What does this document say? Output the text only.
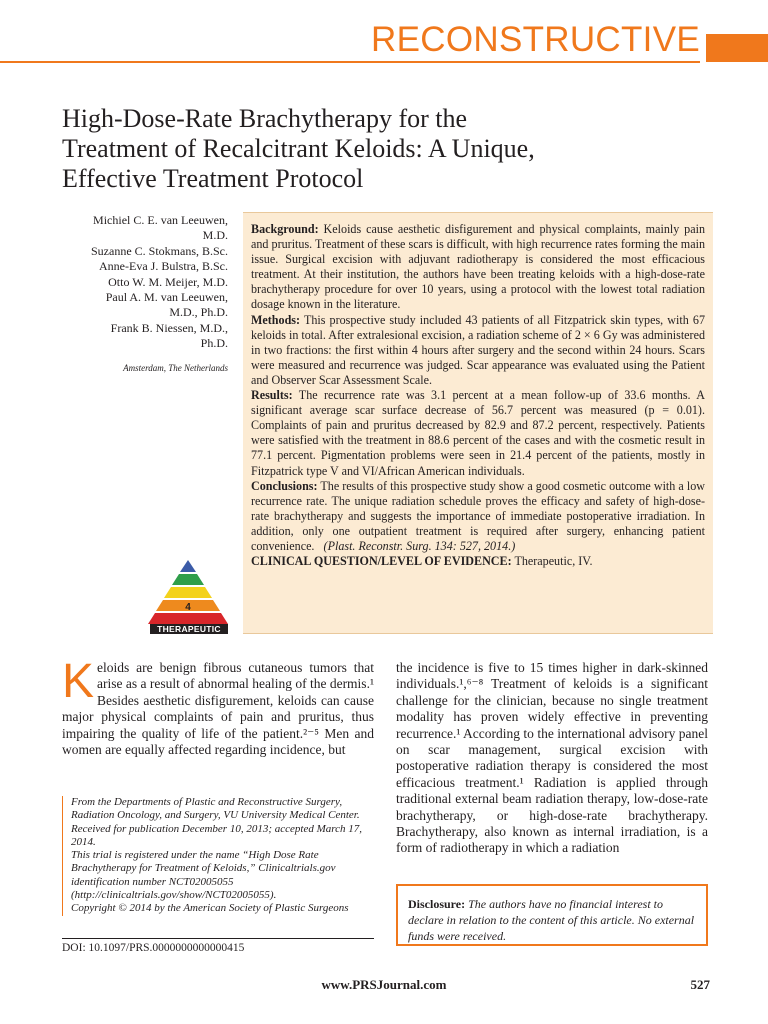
RECONSTRUCTIVE
High-Dose-Rate Brachytherapy for the
Treatment of Recalcitrant Keloids: A Unique,
Effective Treatment Protocol
Michiel C. E. van Leeuwen,
M.D.
Suzanne C. Stokmans, B.Sc.
Anne-Eva J. Bulstra, B.Sc.
Otto W. M. Meijer, M.D.
Paul A. M. van Leeuwen,
M.D., Ph.D.
Frank B. Niessen, M.D.,
Ph.D.
Amsterdam, The Netherlands
Background: Keloids cause aesthetic disfigurement and physical complaints, mainly pain and pruritus. Treatment of these scars is difficult, with high recurrence rates forming the main issue. Surgical excision with adjuvant radiotherapy is considered the most efficacious treatment. At their institution, the authors have been treating keloids with a high-dose-rate brachytherapy procedure for over 10 years, using a protocol with the lowest total radiation dosage known in the literature.
Methods: This prospective study included 43 patients of all Fitzpatrick skin types, with 67 keloids in total. After extralesional excision, a radiation scheme of 2 × 6 Gy was administered in two fractions: the first within 4 hours after surgery and the second within 24 hours. Scars were measured and recurrence was judged. Scar appearance was evaluated using the Patient and Observer Scar Assessment Scale.
Results: The recurrence rate was 3.1 percent at a mean follow-up of 33.6 months. A significant average scar surface decrease of 56.7 percent was measured (p = 0.01). Complaints of pain and pruritus decreased by 82.9 and 87.2 percent, respectively. Patients were satisfied with the treatment in 88.6 percent of the cases and with the cosmetic result in 77.1 percent. Pigmentation problems were seen in 21.4 percent of the patients, mostly in Fitzpatrick type V and VI/African American individuals.
Conclusions: The results of this prospective study show a good cosmetic outcome with a low recurrence rate. The unique radiation schedule proves the efficacy and safety of high-dose-rate brachytherapy and suggests the importance of immediate postoperative irradiation. In addition, only one outpatient treatment is required after surgery, enhancing patient convenience. (Plast. Reconstr. Surg. 134: 527, 2014.)
CLINICAL QUESTION/LEVEL OF EVIDENCE: Therapeutic, IV.
4
THERAPEUTIC
Keloids are benign fibrous cutaneous tumors that arise as a result of abnormal healing of the dermis.¹ Besides aesthetic disfigurement, keloids can cause major physical complaints of pain and pruritus, thus impairing the quality of life of the patient.²⁻⁵ Men and women are equally affected regarding incidence, but
the incidence is five to 15 times higher in dark-skinned individuals.¹,⁶⁻⁸ Treatment of keloids is a significant challenge for the clinician, because no single treatment modality has proven widely effective in preventing recurrence.¹ According to the international advisory panel on scar management, surgical excision with postoperative radiation therapy is considered the most efficacious treatment.¹ Radiation is applied through traditional external beam radiation therapy, low-dose-rate brachytherapy, or high-dose-rate brachytherapy. Brachytherapy, also known as internal irradiation, is a form of radiotherapy in which a radiation

From the Departments of Plastic and Reconstructive Surgery, Radiation Oncology, and Surgery, VU University Medical Center.

Received for publication December 10, 2013; accepted March 17, 2014.

This trial is registered under the name “High Dose Rate Brachytherapy for Treatment of Keloids,” Clinicaltrials.gov identification number NCT02005055 (http://clinicaltrials.gov/show/NCT02005055).

Copyright © 2014 by the American Society of Plastic Surgeons

DOI: 10.1097/PRS.0000000000000415
Disclosure: The authors have no financial interest to declare in relation to the content of this article. No external funds were received.
www.PRSJournal.com	527
